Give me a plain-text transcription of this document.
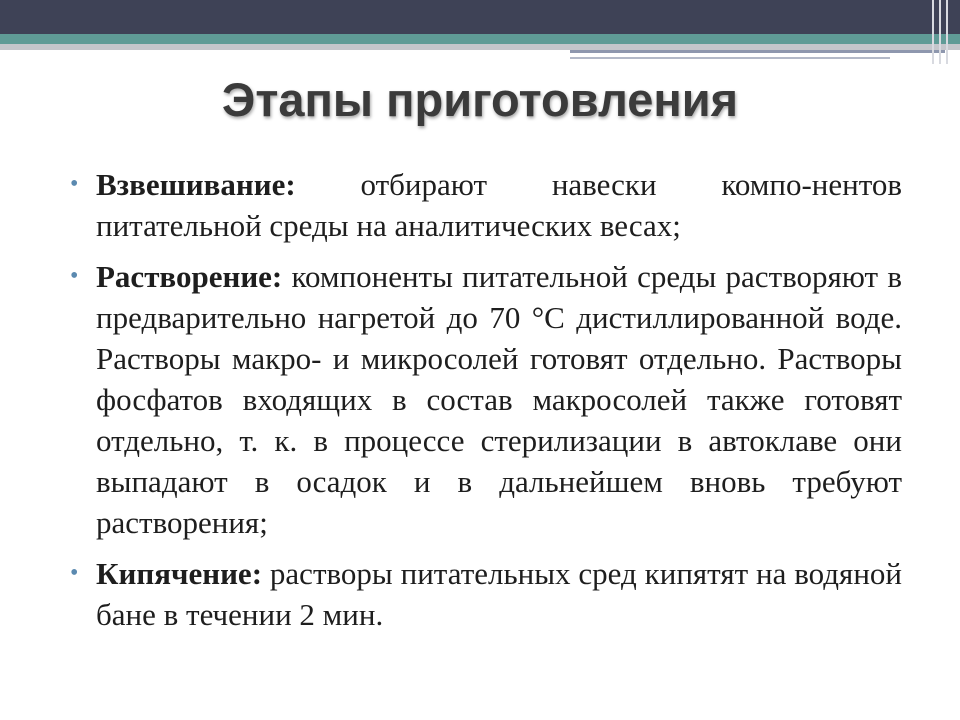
Этапы приготовления
• Взвешивание: отбирают навески компо-нентов питательной среды на аналитических весах;
• Растворение: компоненты питательной среды растворяют в предварительно нагретой до 70 °С дистиллированной воде. Растворы макро- и микросолей готовят отдельно. Растворы фосфатов входящих в состав макросолей также готовят отдельно, т. к. в процессе стерилизации в автоклаве они выпадают в осадок и в дальнейшем вновь требуют растворения;
• Кипячение: растворы питательных сред кипятят на водяной бане в течении 2 мин.
